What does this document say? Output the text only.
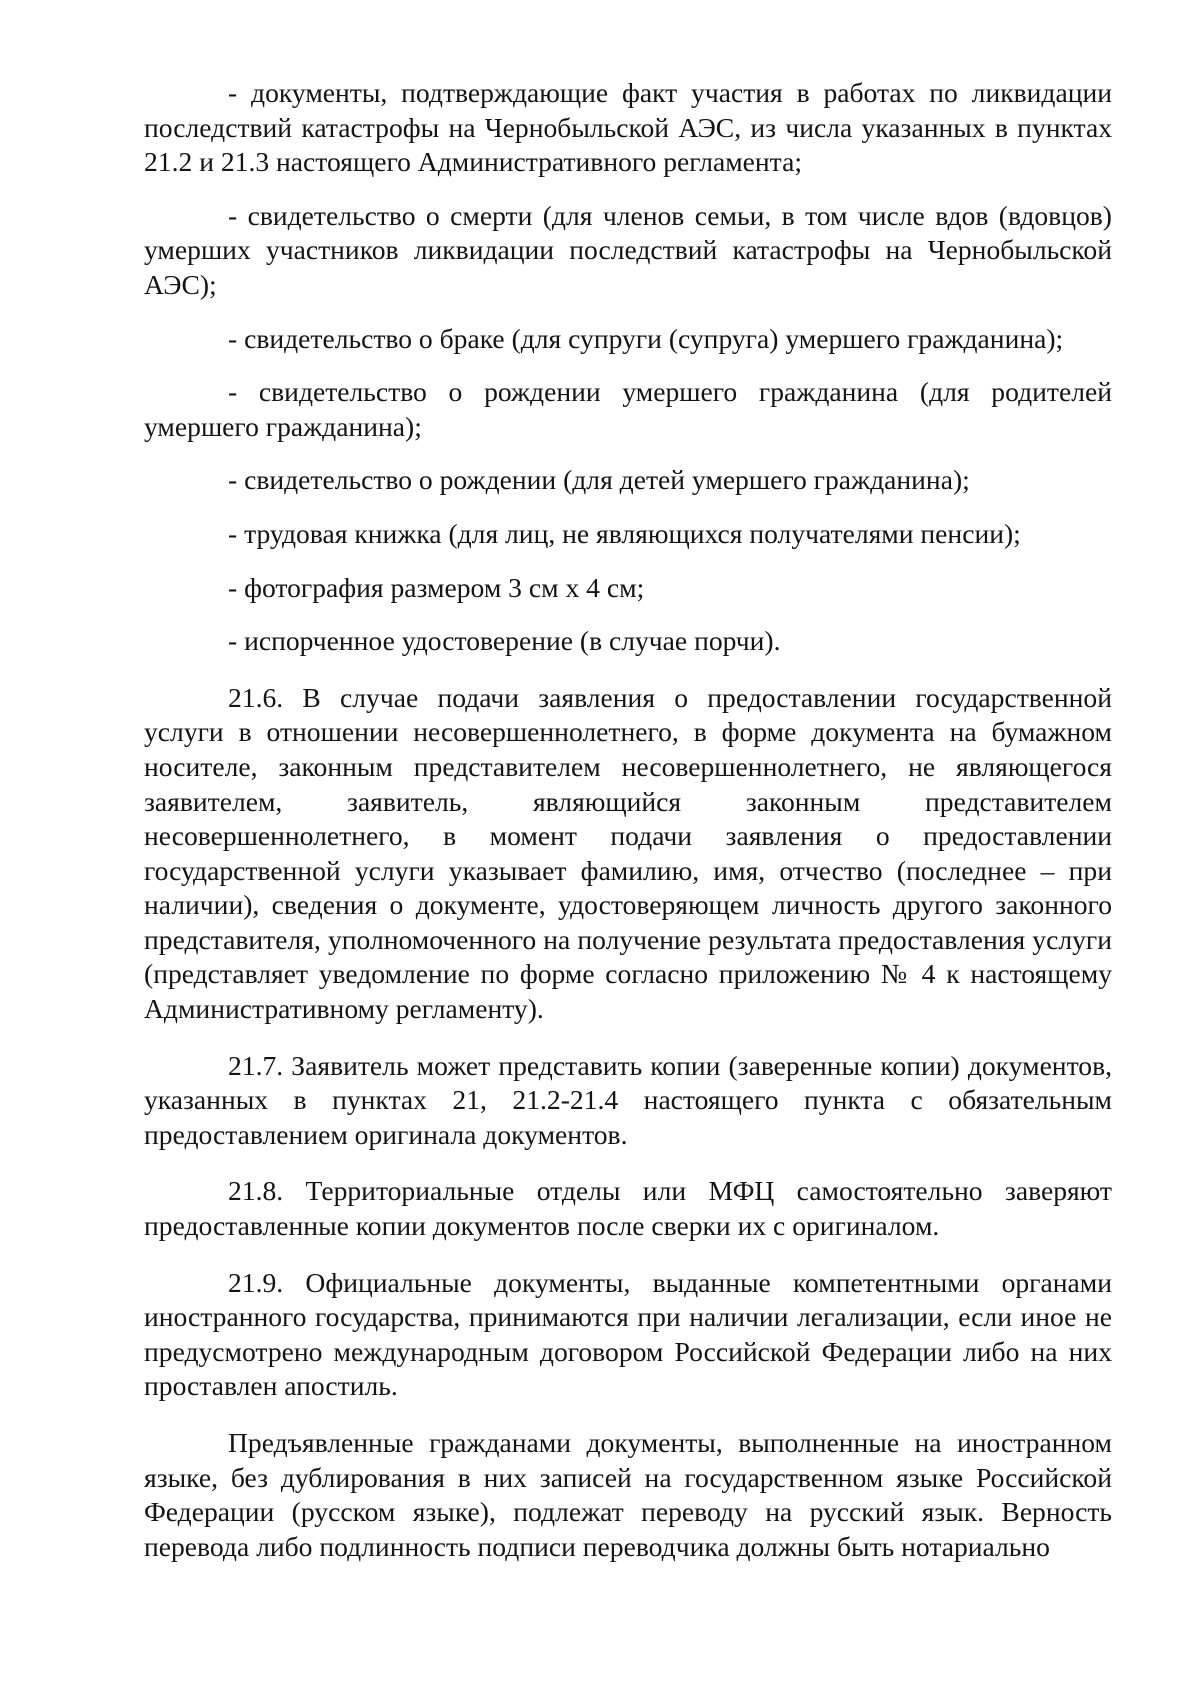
- документы, подтверждающие факт участия в работах по ликвидации последствий катастрофы на Чернобыльской АЭС, из числа указанных в пунктах 21.2 и 21.3 настоящего Административного регламента;

- свидетельство о смерти (для членов семьи, в том числе вдов (вдовцов) умерших участников ликвидации последствий катастрофы на Чернобыльской АЭС);

- свидетельство о браке (для супруги (супруга) умершего гражданина);

- свидетельство о рождении умершего гражданина (для родителей умершего гражданина);

- свидетельство о рождении (для детей умершего гражданина);

- трудовая книжка (для лиц, не являющихся получателями пенсии);

- фотография размером 3 см х 4 см;

- испорченное удостоверение (в случае порчи).

21.6. В случае подачи заявления о предоставлении государственной услуги в отношении несовершеннолетнего, в форме документа на бумажном носителе, законным представителем несовершеннолетнего, не являющегося заявителем, заявитель, являющийся законным представителем несовершеннолетнего, в момент подачи заявления о предоставлении государственной услуги указывает фамилию, имя, отчество (последнее – при наличии), сведения о документе, удостоверяющем личность другого законного представителя, уполномоченного на получение результата предоставления услуги (представляет уведомление по форме согласно приложению № 4 к настоящему Административному регламенту).

21.7. Заявитель может представить копии (заверенные копии) документов, указанных в пунктах 21, 21.2-21.4 настоящего пункта с обязательным предоставлением оригинала документов.

21.8. Территориальные отделы или МФЦ самостоятельно заверяют предоставленные копии документов после сверки их с оригиналом.

21.9. Официальные документы, выданные компетентными органами иностранного государства, принимаются при наличии легализации, если иное не предусмотрено международным договором Российской Федерации либо на них проставлен апостиль.

Предъявленные гражданами документы, выполненные на иностранном языке, без дублирования в них записей на государственном языке Российской Федерации (русском языке), подлежат переводу на русский язык. Верность перевода либо подлинность подписи переводчика должны быть нотариально
